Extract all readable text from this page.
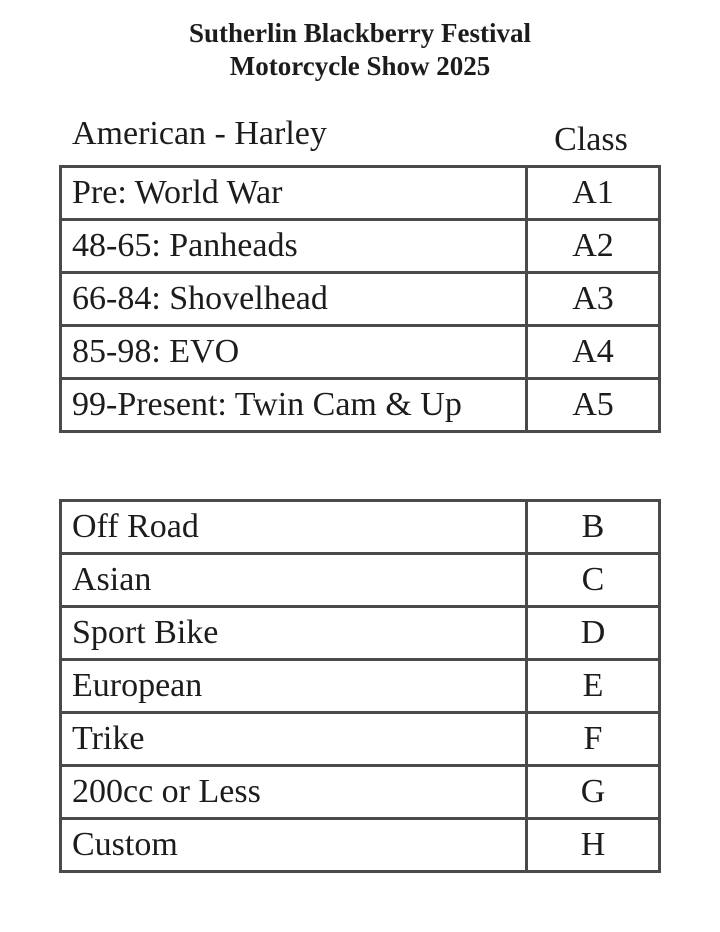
Sutherlin Blackberry Festival
Motorcycle Show 2025
American - Harley	Class
Pre: World War	A1
48-65: Panheads	A2
66-84: Shovelhead	A3
85-98: EVO	A4
99-Present: Twin Cam & Up	A5
Off Road	B
Asian	C
Sport Bike	D
European	E
Trike	F
200cc or Less	G
Custom	H
